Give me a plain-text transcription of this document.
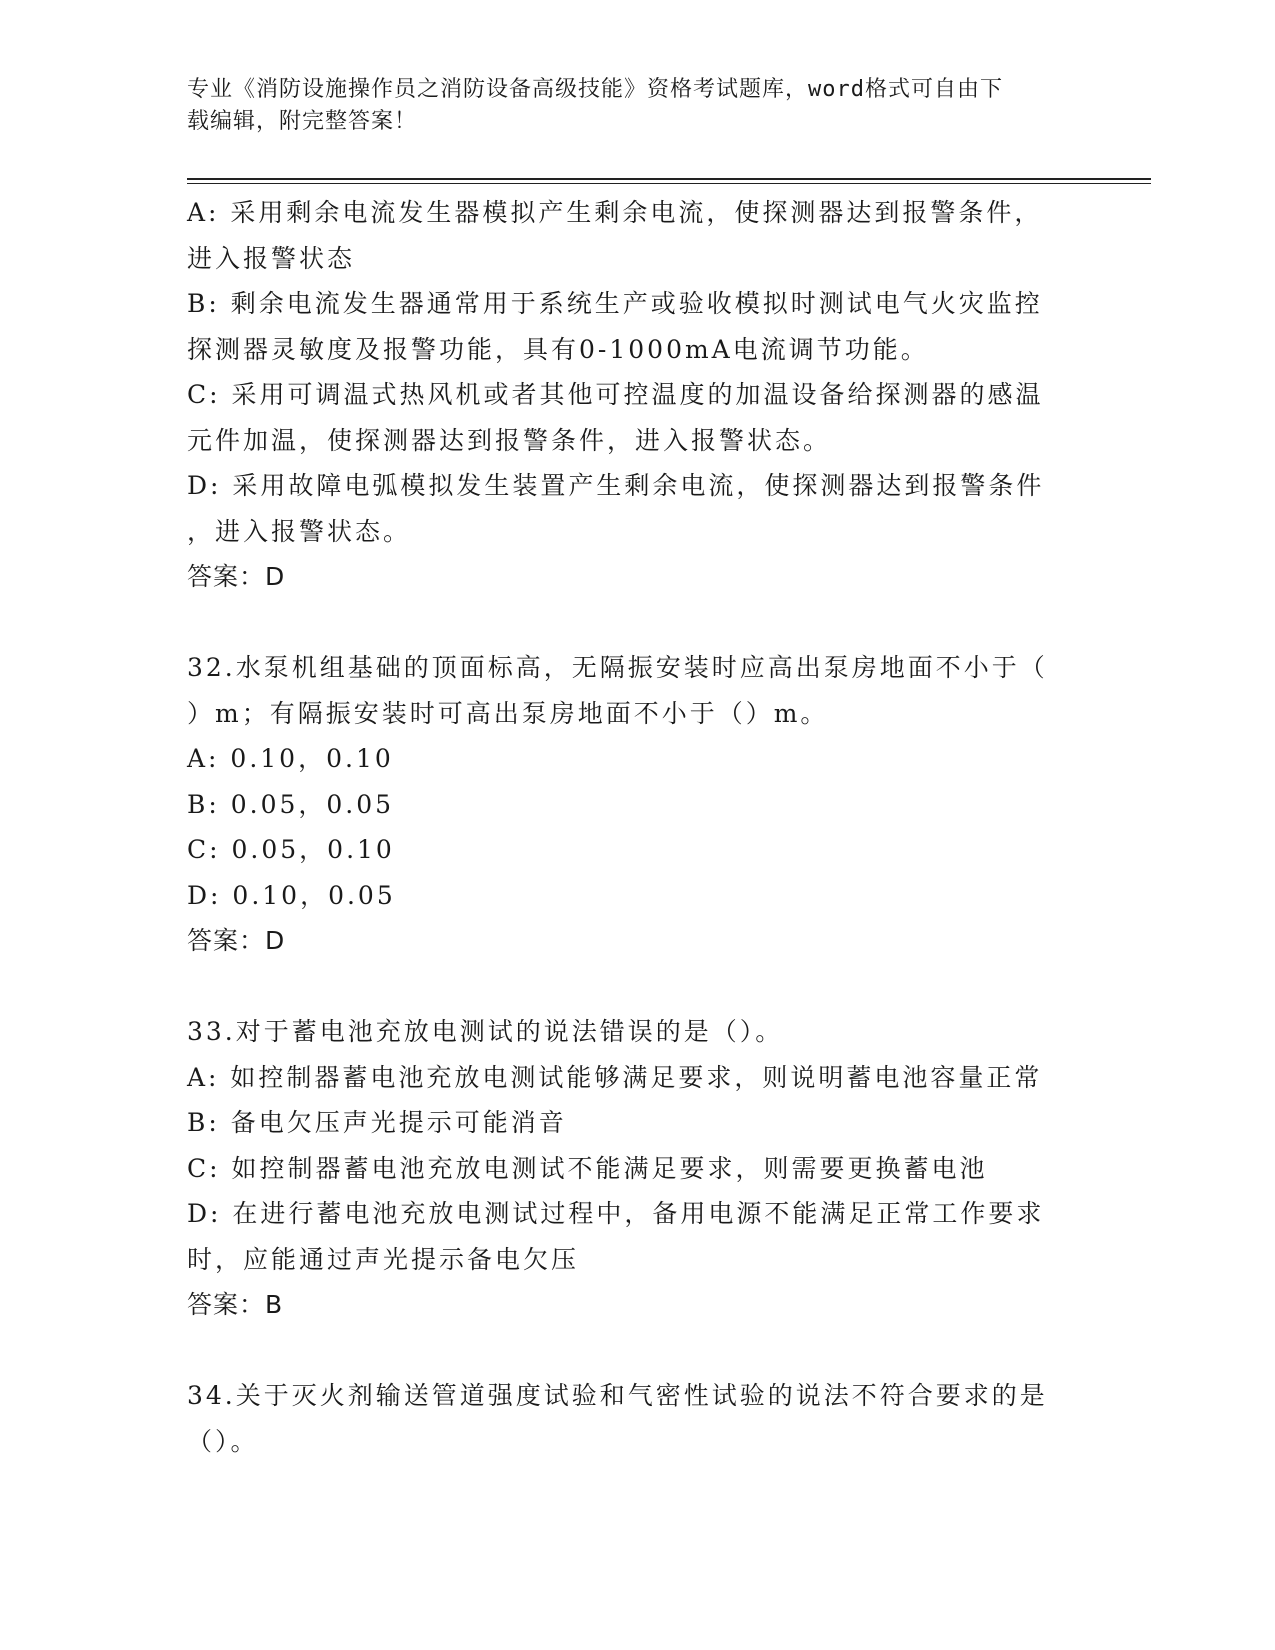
专业《消防设施操作员之消防设备高级技能》资格考试题库，word格式可自由下
载编辑，附完整答案！
A: 采用剩余电流发生器模拟产生剩余电流，使探测器达到报警条件，
进入报警状态
B: 剩余电流发生器通常用于系统生产或验收模拟时测试电气火灾监控
探测器灵敏度及报警功能，具有0-1000mA电流调节功能。
C: 采用可调温式热风机或者其他可控温度的加温设备给探测器的感温
元件加温，使探测器达到报警条件，进入报警状态。
D: 采用故障电弧模拟发生装置产生剩余电流，使探测器达到报警条件
，进入报警状态。
答案：D
32.水泵机组基础的顶面标高，无隔振安装时应高出泵房地面不小于（
）m；有隔振安装时可高出泵房地面不小于（）m。
A: 0.10，0.10
B: 0.05，0.05
C: 0.05，0.10
D: 0.10，0.05
答案：D
33.对于蓄电池充放电测试的说法错误的是（）。
A: 如控制器蓄电池充放电测试能够满足要求，则说明蓄电池容量正常
B: 备电欠压声光提示可能消音
C: 如控制器蓄电池充放电测试不能满足要求，则需要更换蓄电池
D: 在进行蓄电池充放电测试过程中，备用电源不能满足正常工作要求
时，应能通过声光提示备电欠压
答案：B
34.关于灭火剂输送管道强度试验和气密性试验的说法不符合要求的是
（）。
